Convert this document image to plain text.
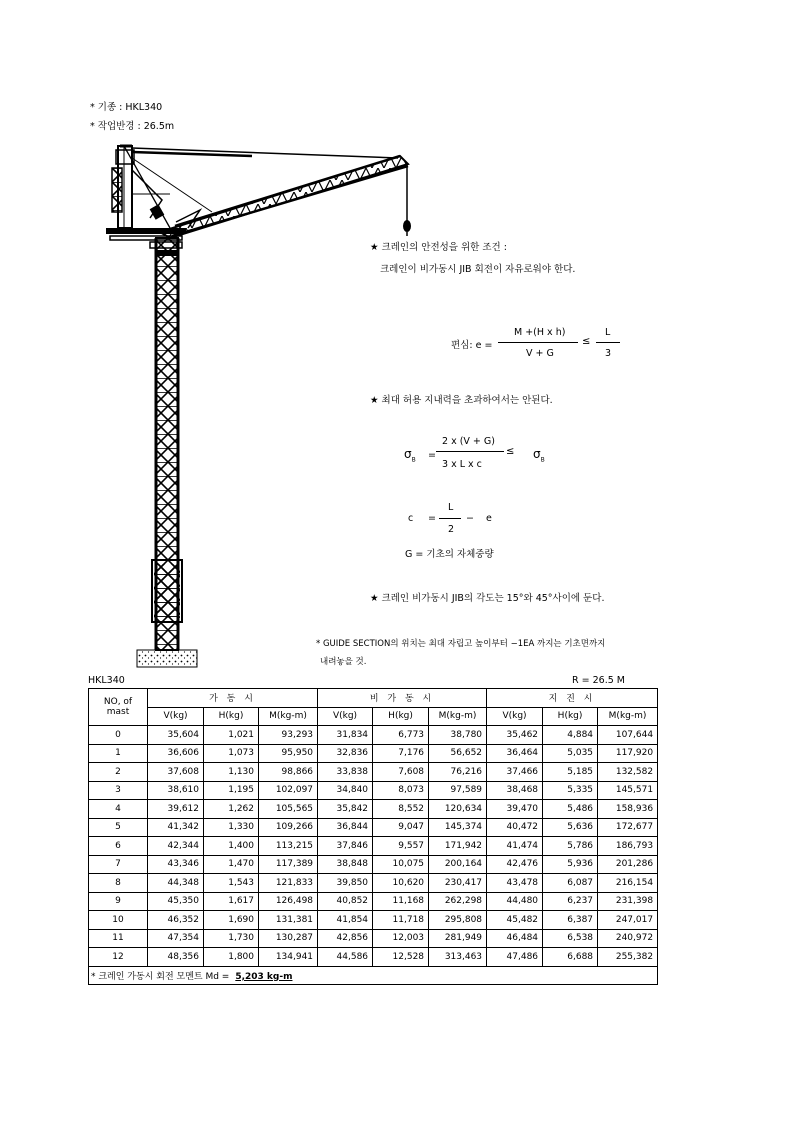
* 기종 : HKL340
* 작업반경 : 26.5m
★ 크레인의 안전성을 위한 조건 :
크레인이 비가동시 JIB 회전이 자유로워야 한다.
편심: e =
M +(H x h)
V + G
≤
L
3
★ 최대 허용 지내력을 초과하여서는 안된다.
$\sigma_B$ =
2 x (V + G)
3 x L x c
≤ $\sigma_B$
c =
L
2
− e
G = 기초의 자체중량
★ 크레인 비가동시 JIB의 각도는 15°와 45°사이에 둔다.
* GUIDE SECTION의 위치는 최대 자립고 높이부터 −1EA 까지는 기초면까지
내려놓을 것.
HKL340	R = 26.5 M
NO, of mast	가 동 시			비 가 동 시			지 진 시		
	V(kg)	H(kg)	M(kg-m)	V(kg)	H(kg)	M(kg-m)	V(kg)	H(kg)	M(kg-m)
0	35,604	1,021	93,293	31,834	6,773	38,780	35,462	4,884	107,644
1	36,606	1,073	95,950	32,836	7,176	56,652	36,464	5,035	117,920
2	37,608	1,130	98,866	33,838	7,608	76,216	37,466	5,185	132,582
3	38,610	1,195	102,097	34,840	8,073	97,589	38,468	5,335	145,571
4	39,612	1,262	105,565	35,842	8,552	120,634	39,470	5,486	158,936
5	41,342	1,330	109,266	36,844	9,047	145,374	40,472	5,636	172,677
6	42,344	1,400	113,215	37,846	9,557	171,942	41,474	5,786	186,793
7	43,346	1,470	117,389	38,848	10,075	200,164	42,476	5,936	201,286
8	44,348	1,543	121,833	39,850	10,620	230,417	43,478	6,087	216,154
9	45,350	1,617	126,498	40,852	11,168	262,298	44,480	6,237	231,398
10	46,352	1,690	131,381	41,854	11,718	295,808	45,482	6,387	247,017
11	47,354	1,730	130,287	42,856	12,003	281,949	46,484	6,538	240,972
12	48,356	1,800	134,941	44,586	12,528	313,463	47,486	6,688	255,382
* 크레인 가동시 회전 모멘트 Md = 5,203 kg-m									
